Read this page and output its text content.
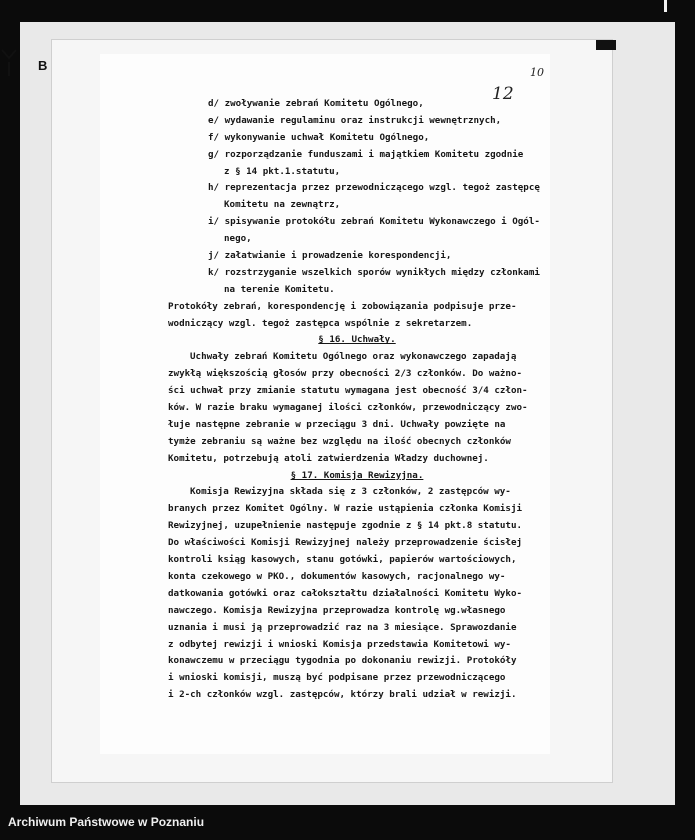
B	10
12
d/ zwoływanie zebrań Komitetu Ogólnego,
e/ wydawanie regulaminu oraz instrukcji wewnętrznych,
f/ wykonywanie uchwał Komitetu Ogólnego,
g/ rozporządzanie funduszami i majątkiem Komitetu zgodnie
z § 14 pkt.1.statutu,
h/ reprezentacja przez przewodniczącego wzgl. tegoż zastępcę
Komitetu na zewnątrz,
i/ spisywanie protokółu zebrań Komitetu Wykonawczego i Ogól-
nego,
j/ załatwianie i prowadzenie korespondencji,
k/ rozstrzyganie wszelkich sporów wynikłych między członkami
na terenie Komitetu.
Protokóły zebrań, korespondencję i zobowiązania podpisuje prze-
wodniczący wzgl. tegoż zastępca wspólnie z sekretarzem.
§ 16. Uchwały.
Uchwały zebrań Komitetu Ogólnego oraz wykonawczego zapadają
zwykłą większością głosów przy obecności 2/3 członków. Do ważno-
ści uchwał przy zmianie statutu wymagana jest obecność 3/4 człon-
ków. W razie braku wymaganej ilości członków, przewodniczący zwo-
łuje następne zebranie w przeciągu 3 dni. Uchwały powzięte na
tymże zebraniu są ważne bez względu na ilość obecnych członków
Komitetu, potrzebują atoli zatwierdzenia Władzy duchownej.
§ 17. Komisja Rewizyjna.
Komisja Rewizyjna składa się z 3 członków, 2 zastępców wy-
branych przez Komitet Ogólny. W razie ustąpienia członka Komisji
Rewizyjnej, uzupełnienie następuje zgodnie z § 14 pkt.8 statutu.
Do właściwości Komisji Rewizyjnej należy przeprowadzenie ścisłej
kontroli ksiąg kasowych, stanu gotówki, papierów wartościowych,
konta czekowego w PKO., dokumentów kasowych, racjonalnego wy-
datkowania gotówki oraz całokształtu działalności Komitetu Wyko-
nawczego. Komisja Rewizyjna przeprowadza kontrolę wg.własnego
uznania i musi ją przeprowadzić raz na 3 miesiące. Sprawozdanie
z odbytej rewizji i wnioski Komisja przedstawia Komitetowi wy-
konawczemu w przeciągu tygodnia po dokonaniu rewizji. Protokóły
i wnioski komisji, muszą być podpisane przez przewodniczącego
i 2-ch członków wzgl. zastępców, którzy brali udział w rewizji.
Archiwum Państwowe w Poznaniu
